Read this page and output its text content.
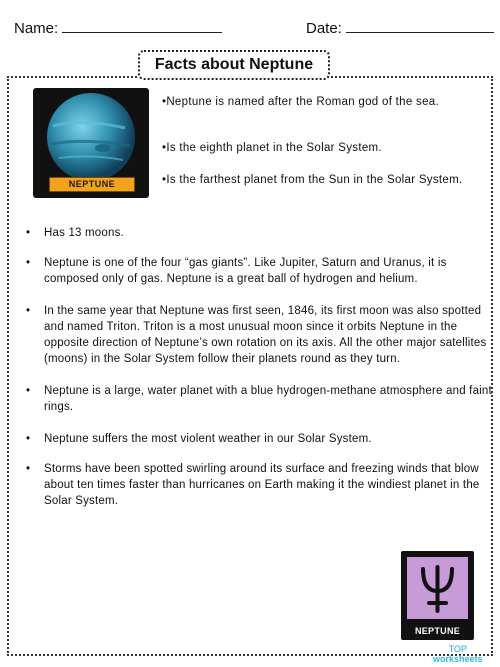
Name:	Date:
Facts about Neptune
NEPTUNE
•Neptune is named after the Roman god of the sea.
•Is the eighth planet in the Solar System.
•Is the farthest planet from the Sun in the Solar System.
• Has 13 moons.
• Neptune is one of the four “gas giants”. Like Jupiter, Saturn and Uranus, it is composed only of gas. Neptune is a great ball of hydrogen and helium.
• In the same year that Neptune was first seen, 1846, its first moon was also spotted and named Triton. Triton is a most unusual moon since it orbits Neptune in the opposite direction of Neptune’s own rotation on its axis. All the other major satellites (moons) in the Solar System follow their planets round as they turn.
• Neptune is a large, water planet with a blue hydrogen-methane atmosphere and faint rings.
• Neptune suffers the most violent weather in our Solar System.
• Storms have been spotted swirling around its surface and freezing winds that blow about ten times faster than hurricanes on Earth making it the windiest planet in the Solar System.
NEPTUNE
TOP
worksheets
